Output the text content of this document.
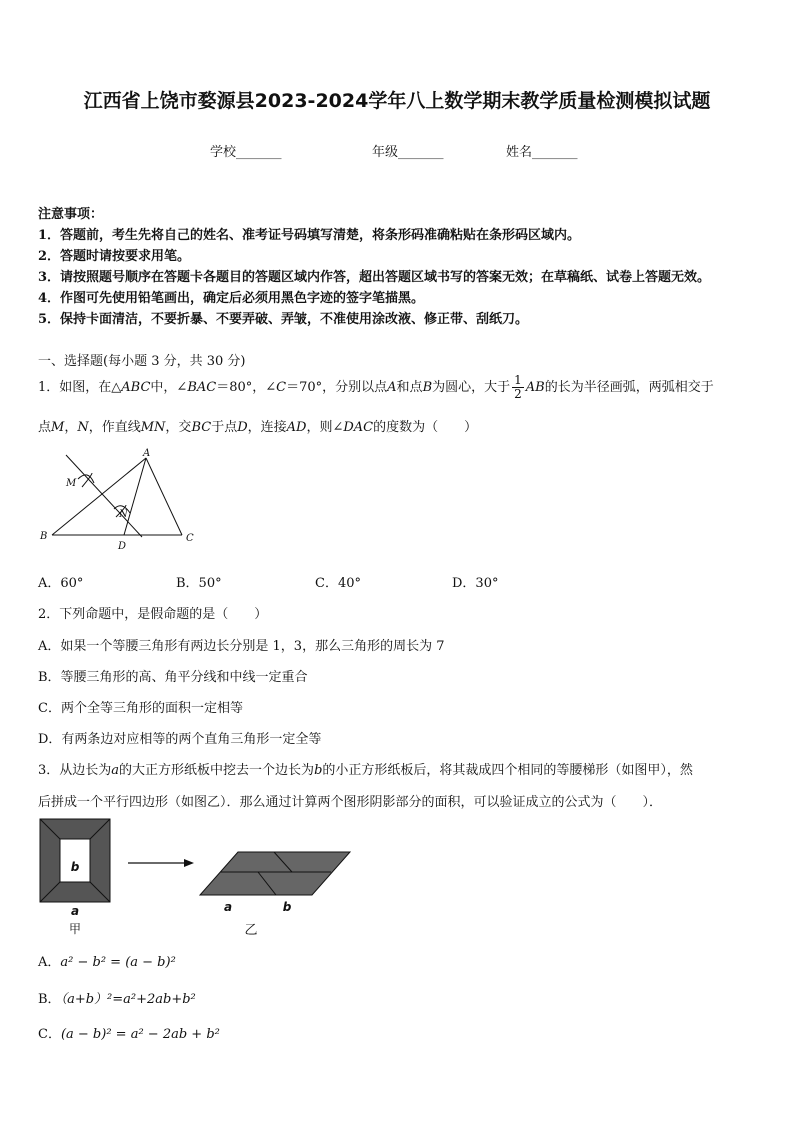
江西省上饶市婺源县2023-2024学年八上数学期末教学质量检测模拟试题
学校_______	年级_______	姓名_______
注意事项：
1．答题前，考生先将自己的姓名、准考证号码填写清楚，将条形码准确粘贴在条形码区域内。
2．答题时请按要求用笔。
3．请按照题号顺序在答题卡各题目的答题区域内作答，超出答题区域书写的答案无效；在草稿纸、试卷上答题无效。
4．作图可先使用铅笔画出，确定后必须用黑色字迹的签字笔描黑。
5．保持卡面清洁，不要折暴、不要弄破、弄皱，不准使用涂改液、修正带、刮纸刀。
一、选择题(每小题 3 分，共 30 分)
1．如图，在△ABC中，∠BAC＝80°，∠C＝70°，分别以点A和点B为圆心，大于 $\frac{1}{2}$ AB的长为半径画弧，两弧相交于
点M，N，作直线MN，交BC于点D，连接AD，则∠DAC的度数为（　　）
A
B	C
D
M
N
A．60°	B．50°	C．40°	D．30°
2．下列命题中，是假命题的是（　　）
A．如果一个等腰三角形有两边长分别是 1，3，那么三角形的周长为 7
B．等腰三角形的高、角平分线和中线一定重合
C．两个全等三角形的面积一定相等
D．有两条边对应相等的两个直角三角形一定全等
3．从边长为a的大正方形纸板中挖去一个边长为b的小正方形纸板后，将其裁成四个相同的等腰梯形（如图甲），然
后拼成一个平行四边形（如图乙）．那么通过计算两个图形阴影部分的面积，可以验证成立的公式为（　　）．
b
a
甲
a	b
乙
A．a² − b² = (a − b)²
B．（a+b）²=a²+2ab+b²
C．(a − b)² = a² − 2ab + b²
